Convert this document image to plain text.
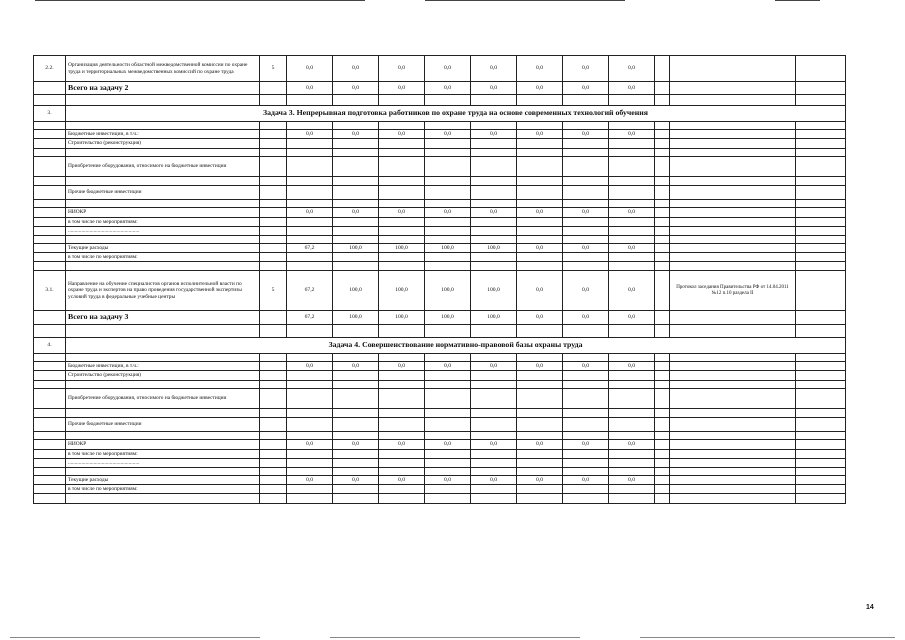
2.2.	Организация деятельности областной межведомственной комиссии по охране труда и территориальных межведомственных комиссий по охране труда	5	0,0	0,0	0,0	0,0	0,0	0,0	0,0	0,0			
	Всего на задачу 2		0,0	0,0	0,0	0,0	0,0	0,0	0,0	0,0			

3.	Задача 3. Непрерывная подготовка работников по охране труда на основе современных технологий обучения												

	Бюджетные инвестиции, в т.ч.:		0,0	0,0	0,0	0,0	0,0	0,0	0,0	0,0			
	Строительство (реконструкция)												

	Приобретение оборудования, относимого на бюджетные инвестиции												

	Прочие бюджетные инвестиции												

	НИОКР		0,0	0,0	0,0	0,0	0,0	0,0	0,0	0,0			
	в том числе по мероприятиям:												
	.....................................................												

	Текущие расходы		67,2	100,0	100,0	100,0	100,0	0,0	0,0	0,0			
	в том числе по мероприятиям:												

3.1.	Направление на обучение специалистов органов исполнительной власти по охране труда и экспертов на право проведения государственной экспертизы условий труда в федеральные учебные центры	5	67,2	100,0	100,0	100,0	100,0	0,0	0,0	0,0		Протокол заседания Правительства РФ от 14.04.2011 №12 п.10 раздела II	
	Всего на задачу 3		67,2	100,0	100,0	100,0	100,0	0,0	0,0	0,0			

4.	Задача 4. Совершенствование нормативно-правовой базы охраны труда												

	Бюджетные инвестиции, в т.ч.:		0,0	0,0	0,0	0,0	0,0	0,0	0,0	0,0			
	Строительство (реконструкция)												

	Приобретение оборудования, относимого на бюджетные инвестиции												

	Прочие бюджетные инвестиции												

	НИОКР		0,0	0,0	0,0	0,0	0,0	0,0	0,0	0,0			
	в том числе по мероприятиям:												
	.....................................................												

	Текущие расходы		0,0	0,0	0,0	0,0	0,0	0,0	0,0	0,0			
	в том числе по мероприятиям:												

14
